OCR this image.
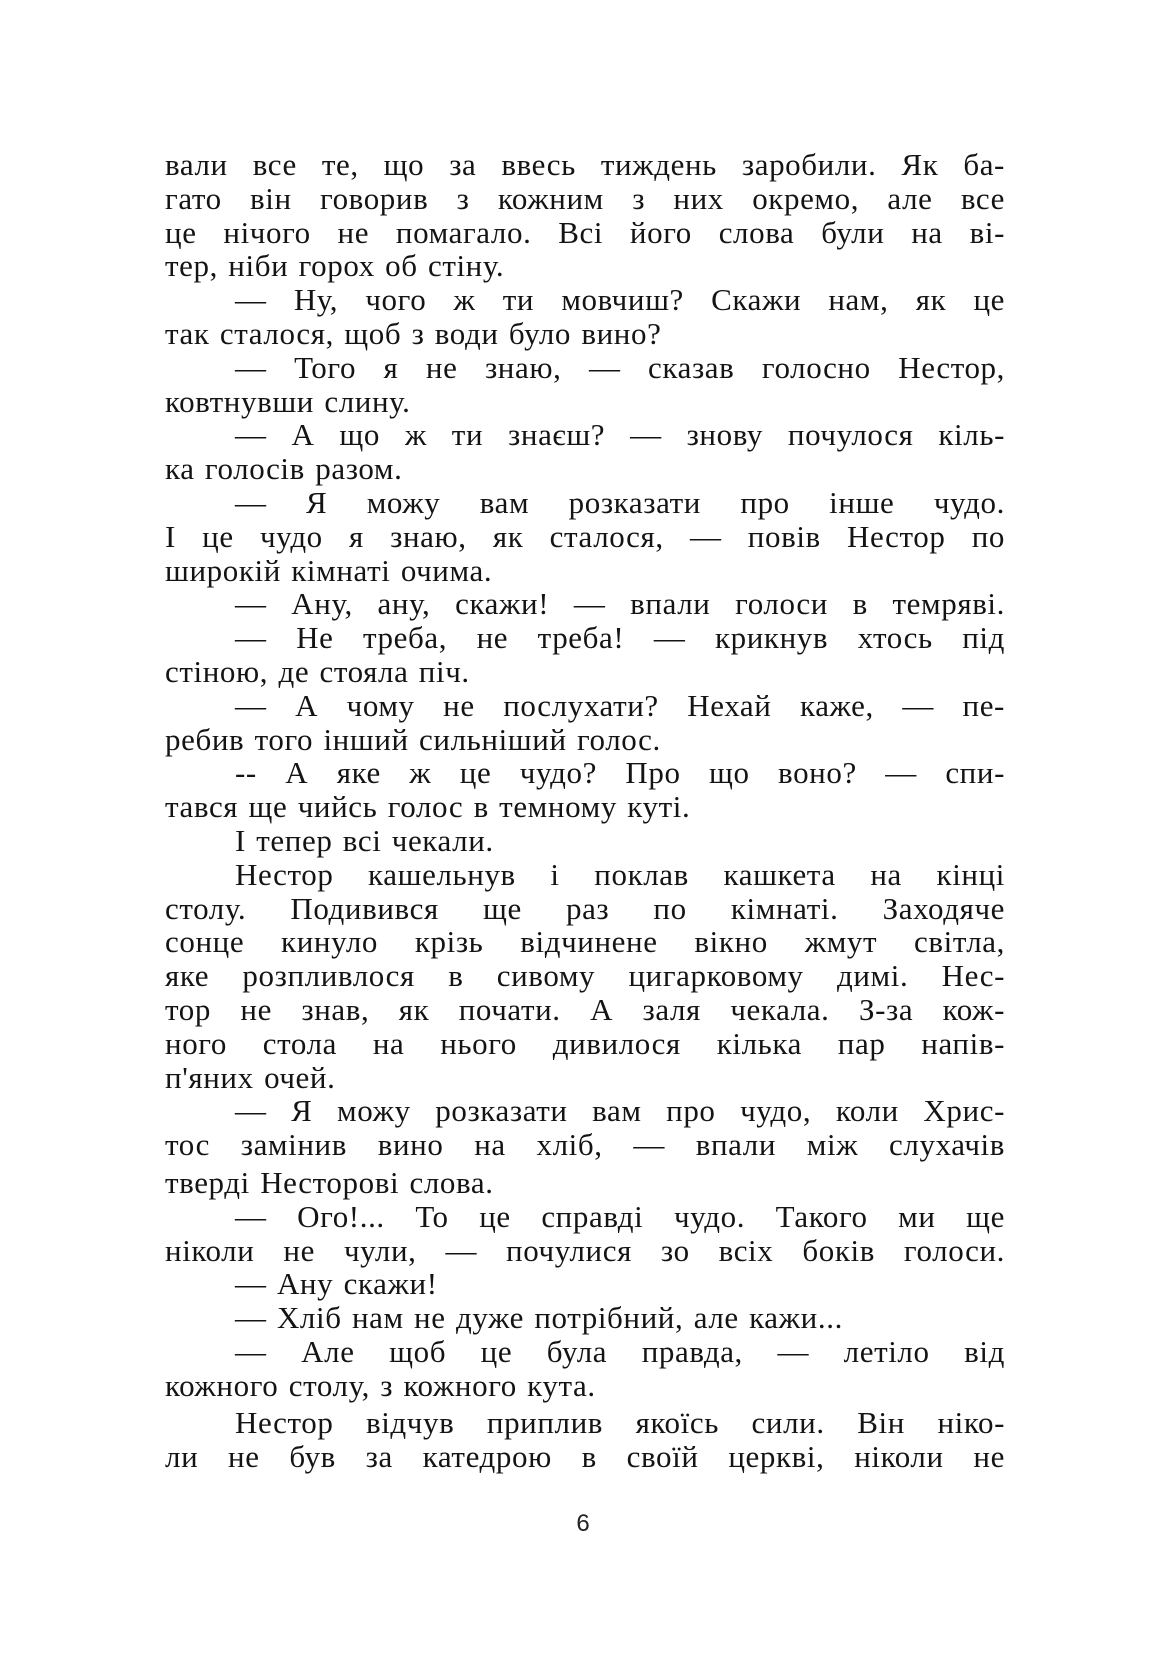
вали все те, що за ввесь тиждень заробили. Як ба-
гато він говорив з кожним з них окремо, але все
це нічого не помагало. Всі його слова були на ві-
тер, ніби горох об стіну.
— Ну, чого ж ти мовчиш? Скажи нам, як це
так сталося, щоб з води було вино?
— Того я не знаю, — сказав голосно Нестор,
ковтнувши слину.
— А що ж ти знаєш? — знову почулося кіль-
ка голосів разом.
— Я можу вам розказати про інше чудо.
І це чудо я знаю, як сталося, — повів Нестор по
широкій кімнаті очима.
— Ану, ану, скажи! — впали голоси в темряві.
— Не треба, не треба! — крикнув хтось під
стіною, де стояла піч.
— А чому не послухати? Нехай каже, — пе-
ребив того інший сильніший голос.
-- А яке ж це чудо? Про що воно? — спи-
тався ще чийсь голос в темному куті.
І тепер всі чекали.
Нестор кашельнув і поклав кашкета на кінці
столу. Подивився ще раз по кімнаті. Заходяче
сонце кинуло крізь відчинене вікно жмут світла,
яке розпливлося в сивому цигарковому димі. Нес-
тор не знав, як почати. А заля чекала. З-за кож-
ного стола на нього дивилося кілька пар напів-
п'яних очей.
— Я можу розказати вам про чудо, коли Хрис-
тос замінив вино на хліб, — впали між слухачів
тверді Несторові слова.
— Ого!... То це справді чудо. Такого ми ще
ніколи не чули, — почулися зо всіх боків голоси.
— Ану скажи!
— Хліб нам не дуже потрібний, але кажи...
— Але щоб це була правда, — летіло від
кожного столу, з кожного кута.
Нестор відчув приплив якоїсь сили. Він ніко-
ли не був за катедрою в своїй церкві, ніколи не
6
